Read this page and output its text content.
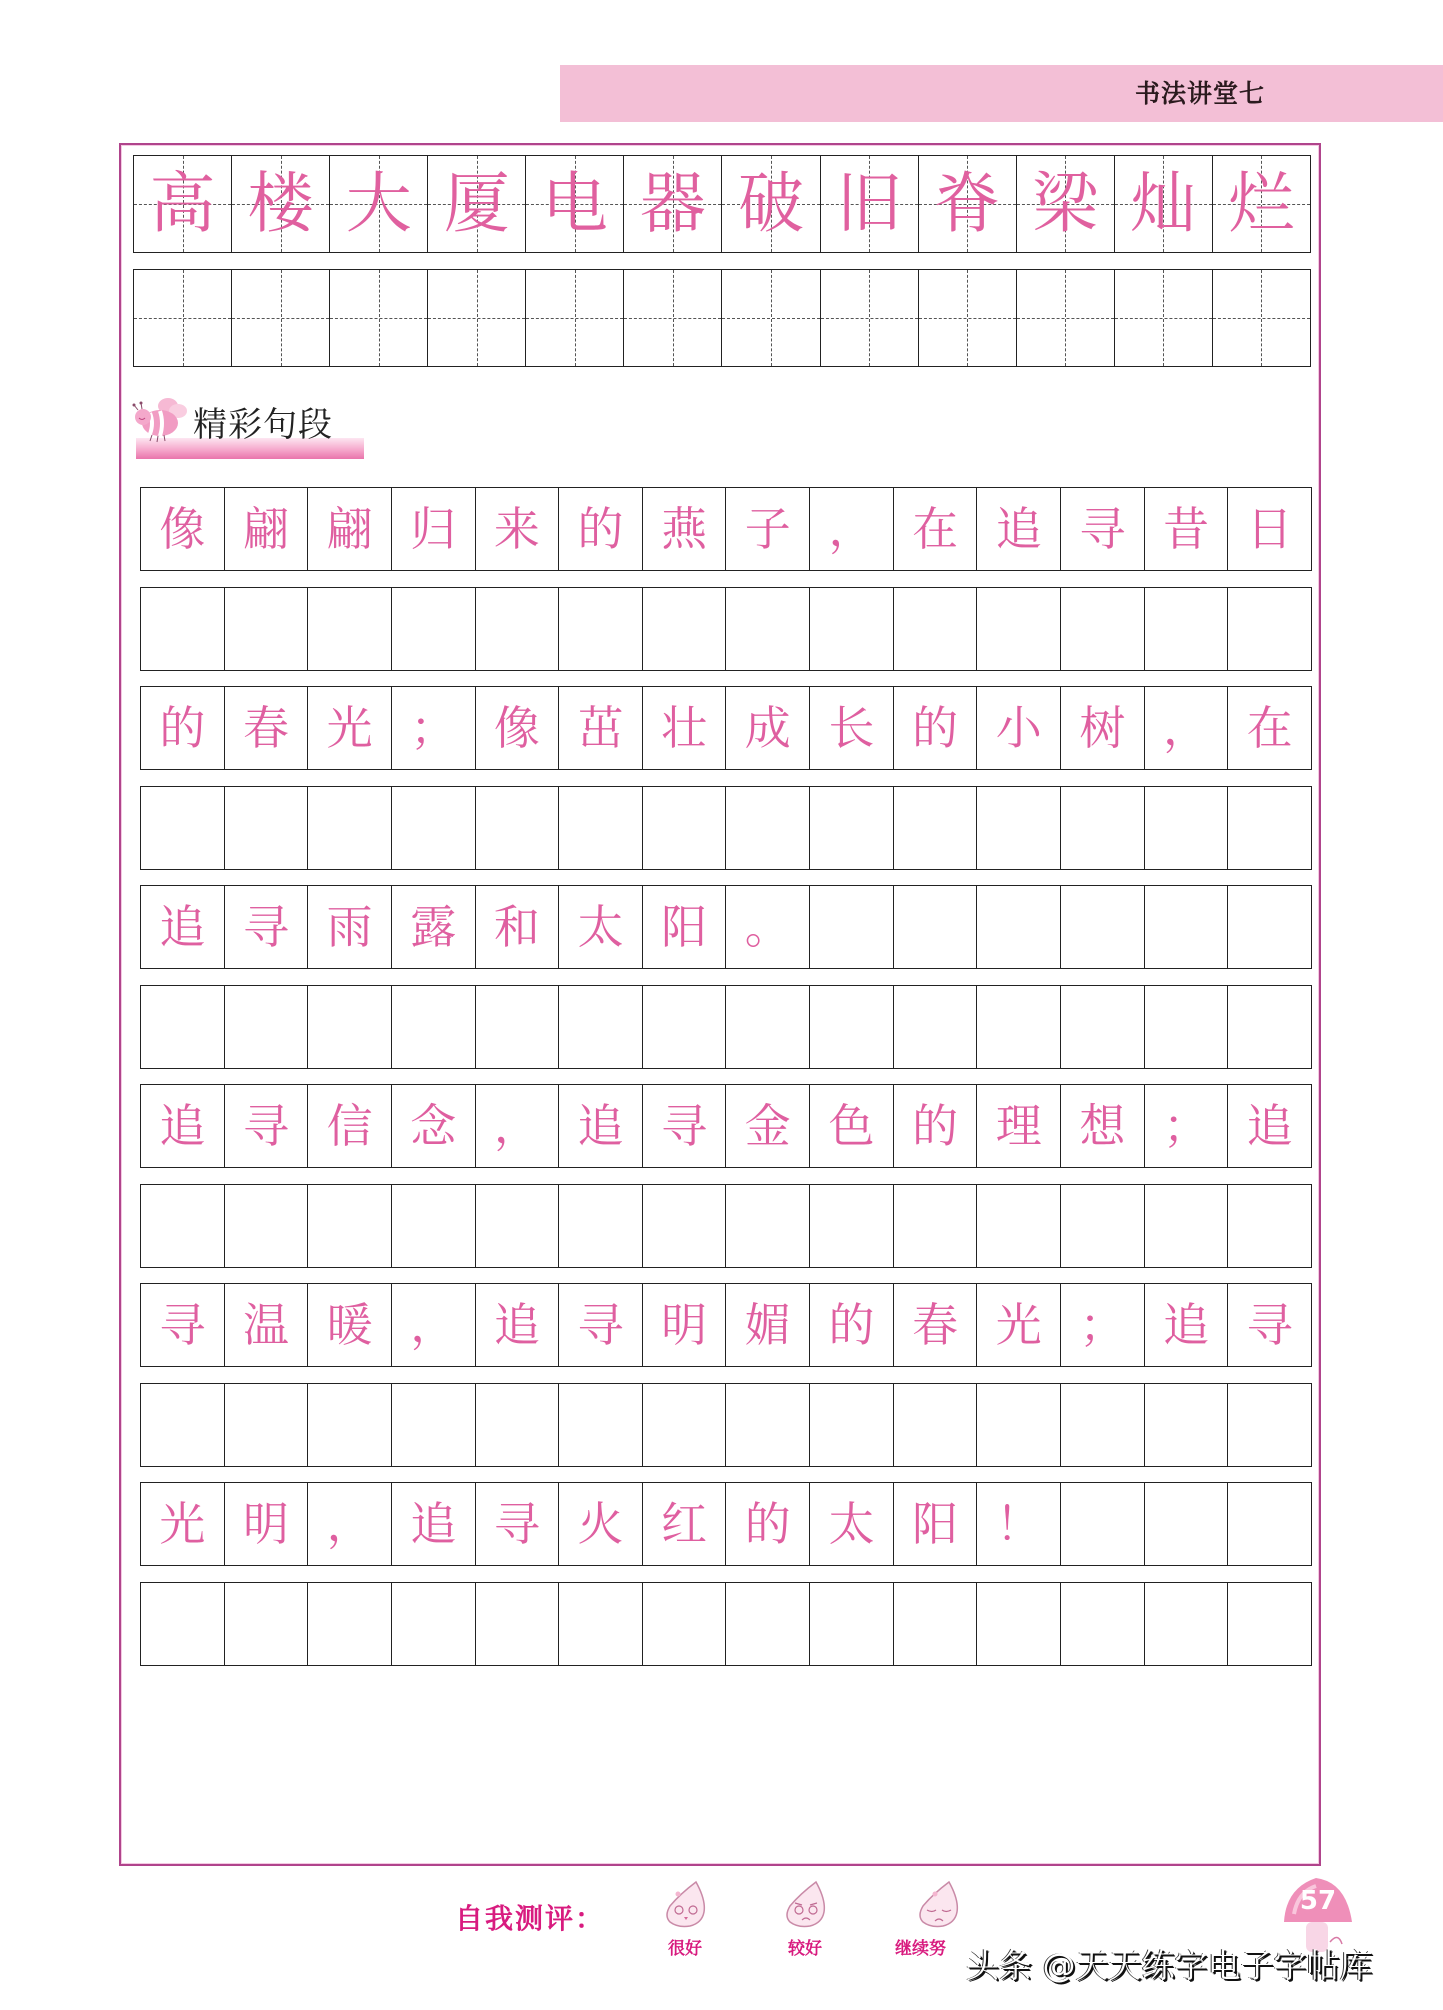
书法讲堂七
高 楼 大 厦 电 器 破 旧 脊 梁 灿 烂
精彩句段
像 翩 翩 归 来 的 燕 子 ， 在 追 寻 昔 日
的 春 光 ； 像 茁 壮 成 长 的 小 树 ， 在
追 寻 雨 露 和 太 阳 。
追 寻 信 念 ， 追 寻 金 色 的 理 想 ； 追
寻 温 暖 ， 追 寻 明 媚 的 春 光 ； 追 寻
光 明 ， 追 寻 火 红 的 太 阳 ！
自我测评：
很好	较好	继续努
57
头条 @天天练字电子字帖库
